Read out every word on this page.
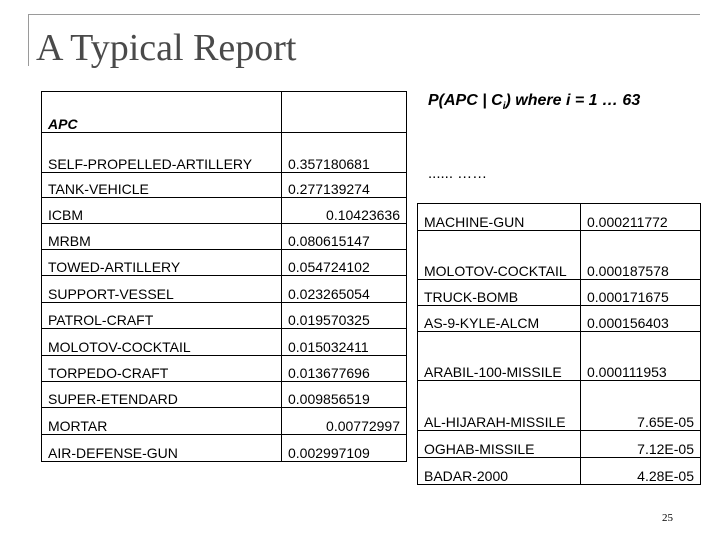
A Typical Report
P(APC | $C_i$) where i = 1 … 63
APC	
SELF-PROPELLED-ARTILLERY	0.357180681
TANK-VEHICLE	0.277139274
ICBM	0.10423636
MRBM	0.080615147
TOWED-ARTILLERY	0.054724102
SUPPORT-VESSEL	0.023265054
PATROL-CRAFT	0.019570325
MOLOTOV-COCKTAIL	0.015032411
TORPEDO-CRAFT	0.013677696
SUPER-ETENDARD	0.009856519
MORTAR	0.00772997
AIR-DEFENSE-GUN	0.002997109
...... ……
MACHINE-GUN	0.000211772
MOLOTOV-COCKTAIL	0.000187578
TRUCK-BOMB	0.000171675
AS-9-KYLE-ALCM	0.000156403
ARABIL-100-MISSILE	0.000111953
AL-HIJARAH-MISSILE	7.65E-05
OGHAB-MISSILE	7.12E-05
BADAR-2000	4.28E-05
25
